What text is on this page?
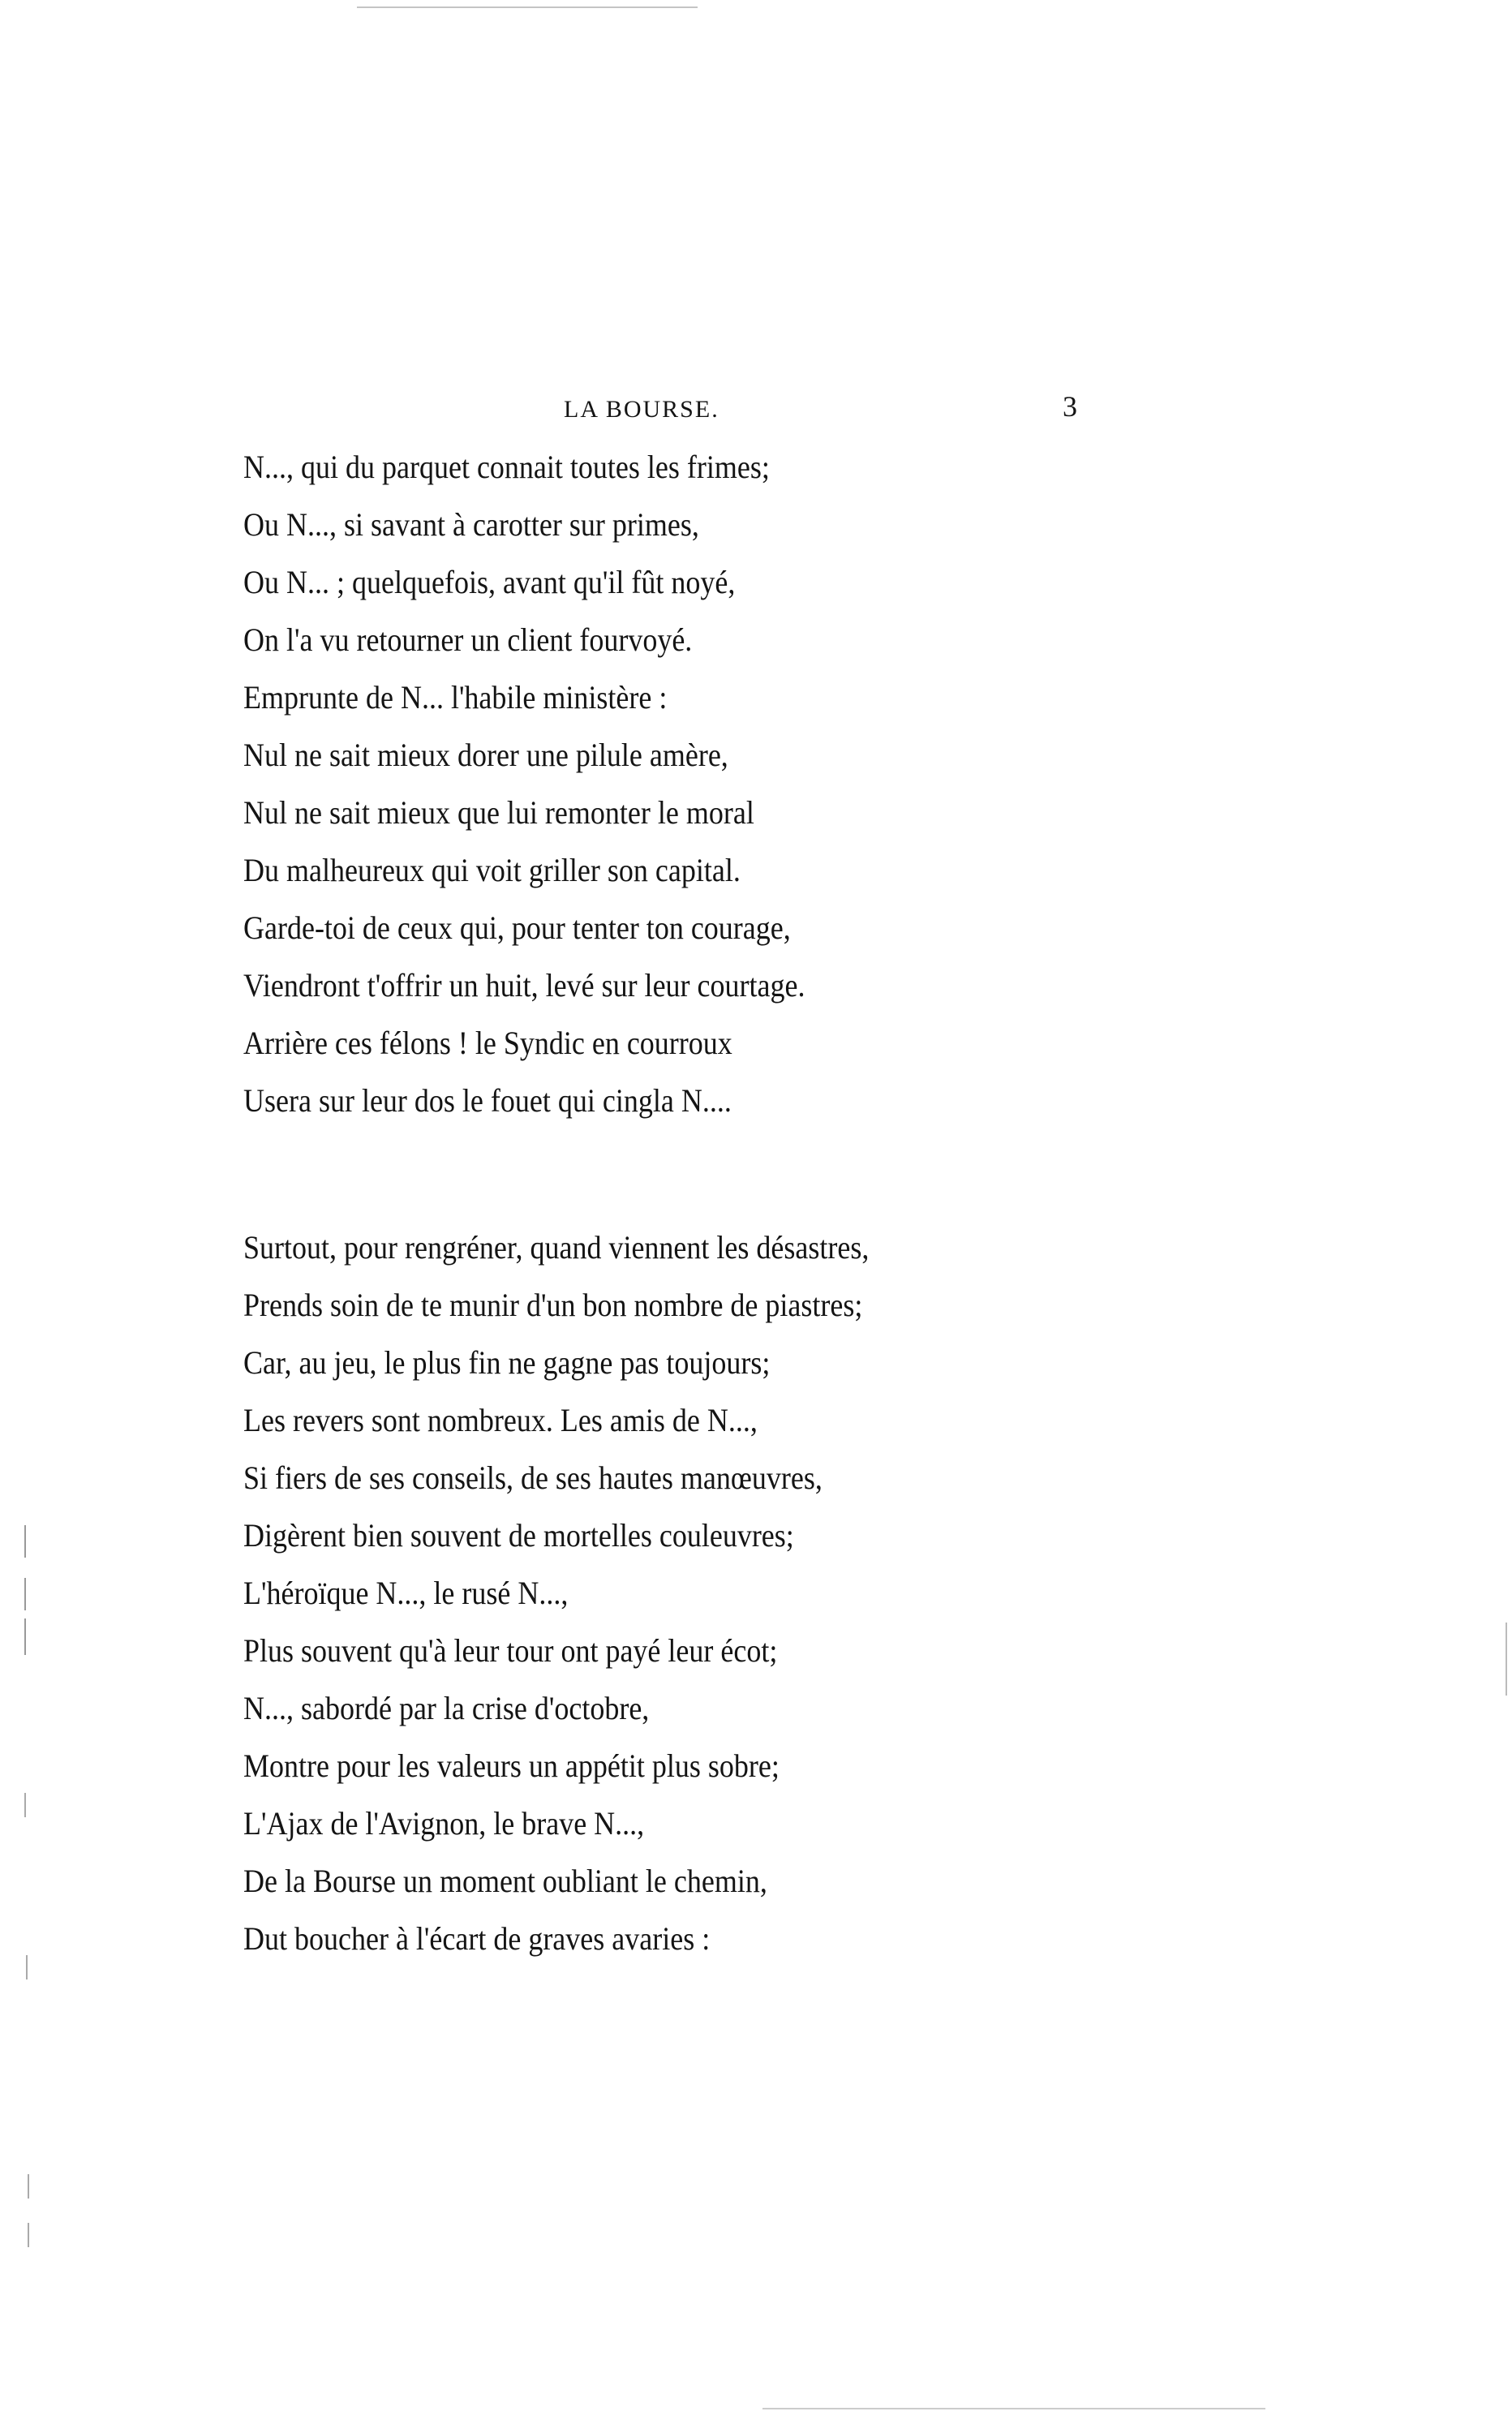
LA BOURSE.	3
N..., qui du parquet connait toutes les frimes;
Ou N..., si savant à carotter sur primes,
Ou N... ; quelquefois, avant qu'il fût noyé,
On l'a vu retourner un client fourvoyé.
Emprunte de N... l'habile ministère :
Nul ne sait mieux dorer une pilule amère,
Nul ne sait mieux que lui remonter le moral
Du malheureux qui voit griller son capital.
Garde-toi de ceux qui, pour tenter ton courage,
Viendront t'offrir un huit, levé sur leur courtage.
Arrière ces félons ! le Syndic en courroux
Usera sur leur dos le fouet qui cingla N....
Surtout, pour rengréner, quand viennent les désastres,
Prends soin de te munir d'un bon nombre de piastres;
Car, au jeu, le plus fin ne gagne pas toujours;
Les revers sont nombreux. Les amis de N...,
Si fiers de ses conseils, de ses hautes manœuvres,
Digèrent bien souvent de mortelles couleuvres;
L'héroïque N..., le rusé N...,
Plus souvent qu'à leur tour ont payé leur écot;
N..., sabordé par la crise d'octobre,
Montre pour les valeurs un appétit plus sobre;
L'Ajax de l'Avignon, le brave N...,
De la Bourse un moment oubliant le chemin,
Dut boucher à l'écart de graves avaries :
